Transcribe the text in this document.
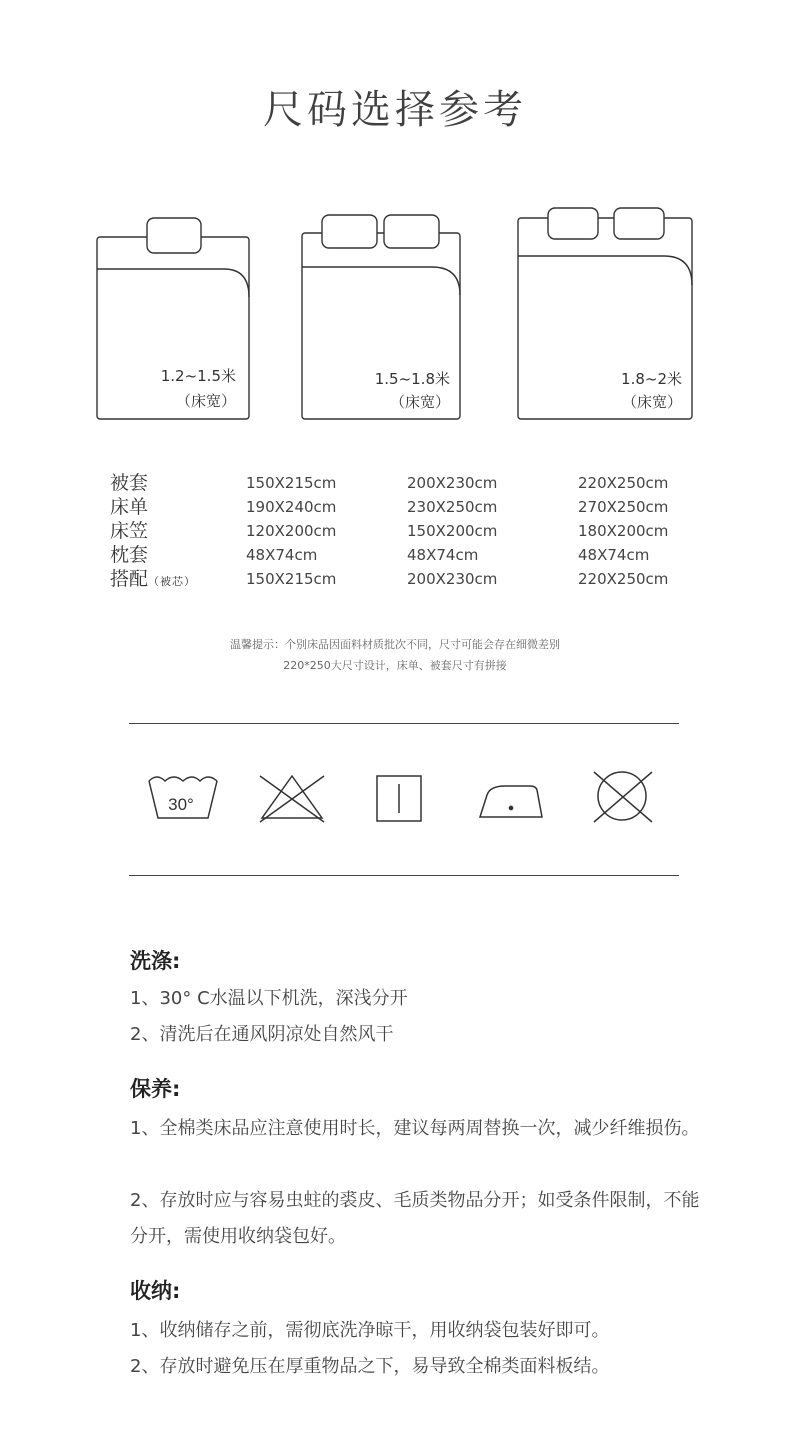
尺码选择参考
1.2~1.5米
（床宽）
1.5~1.8米
（床宽）
1.8~2米
（床宽）
被套	150X215cm	200X230cm	220X250cm
床单	190X240cm	230X250cm	270X250cm
床笠	120X200cm	150X200cm	180X200cm
枕套	48X74cm	48X74cm	48X74cm
搭配（被芯）	150X215cm	200X230cm	220X250cm
温馨提示：个别床品因面料材质批次不同，尺寸可能会存在细微差别
220*250大尺寸设计，床单、被套尺寸有拼接
30°
洗涤:
1、30° C水温以下机洗，深浅分开
2、清洗后在通风阴凉处自然风干
保养:
1、全棉类床品应注意使用时长，建议每两周替换一次，减少纤维损伤。
2、存放时应与容易虫蛀的裘皮、毛质类物品分开；如受条件限制，不能分开，需使用收纳袋包好。
收纳:
1、收纳储存之前，需彻底洗净晾干，用收纳袋包装好即可。
2、存放时避免压在厚重物品之下，易导致全棉类面料板结。
